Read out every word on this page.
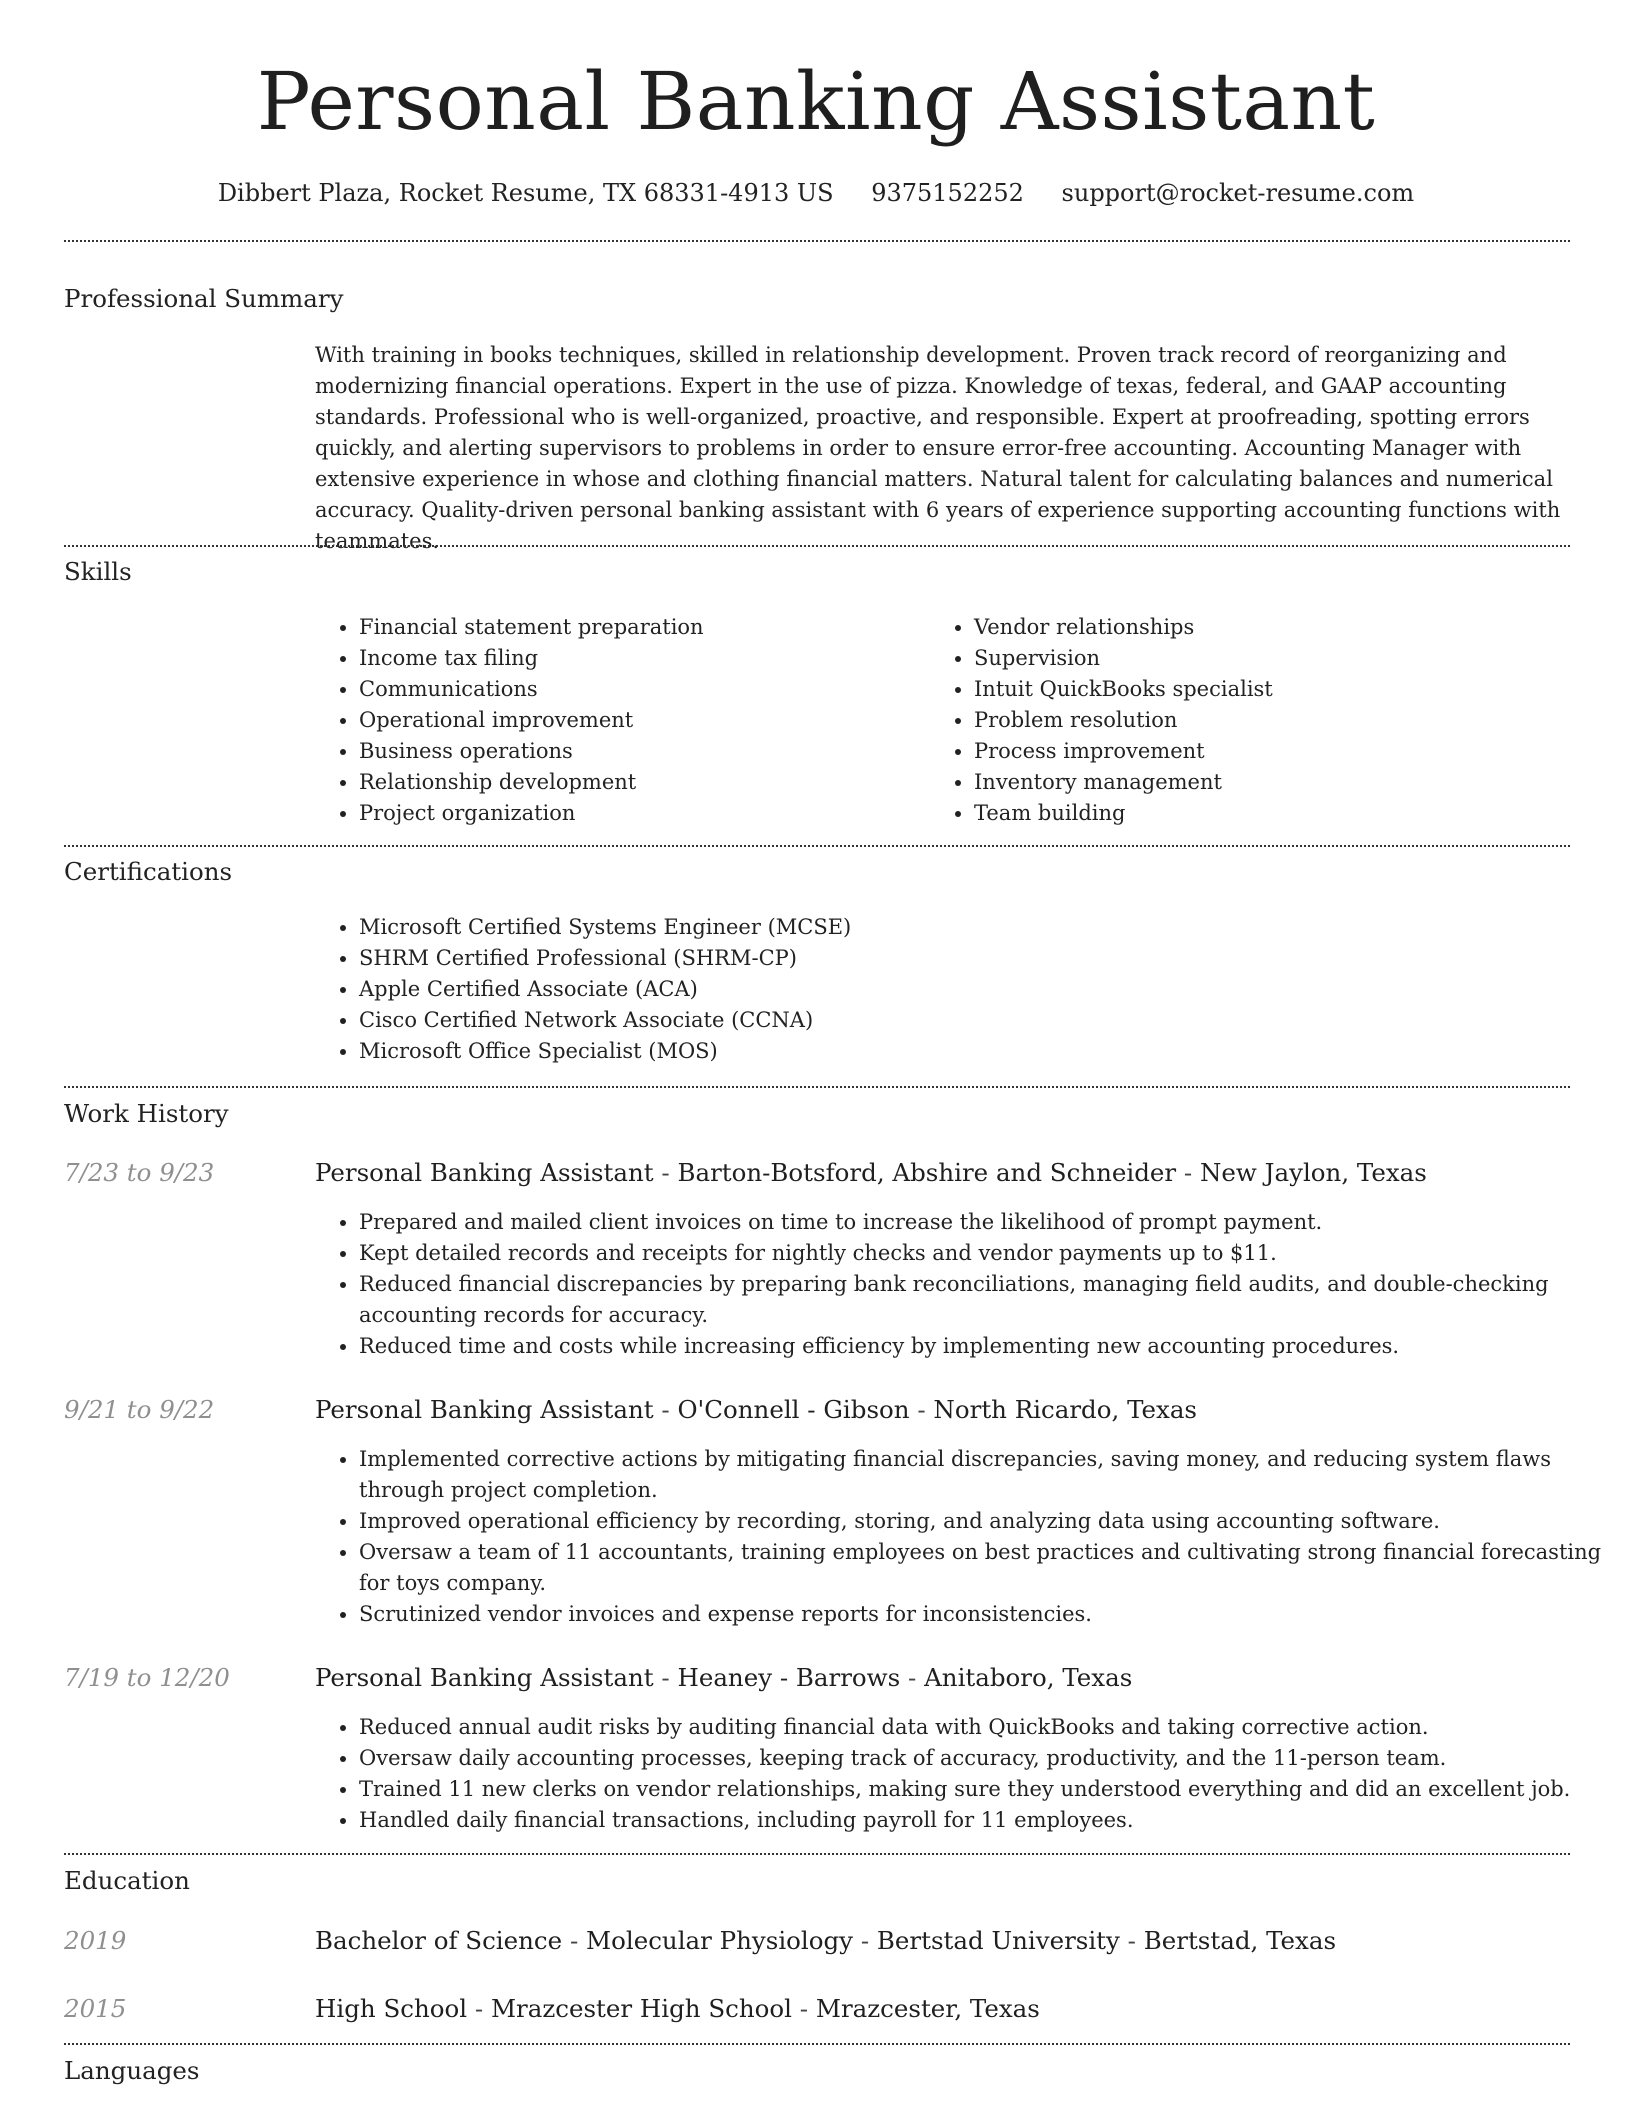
Personal Banking Assistant
Dibbert Plaza, Rocket Resume, TX 68331-4913 US 9375152252 support@rocket-resume.com
Professional Summary
With training in books techniques, skilled in relationship development. Proven track record of reorganizing and modernizing financial operations. Expert in the use of pizza. Knowledge of texas, federal, and GAAP accounting standards. Professional who is well-organized, proactive, and responsible. Expert at proofreading, spotting errors quickly, and alerting supervisors to problems in order to ensure error-free accounting. Accounting Manager with extensive experience in whose and clothing financial matters. Natural talent for calculating balances and numerical accuracy. Quality-driven personal banking assistant with 6 years of experience supporting accounting functions with teammates.
Skills
• Financial statement preparation
• Income tax filing
• Communications
• Operational improvement
• Business operations
• Relationship development
• Project organization
• Vendor relationships
• Supervision
• Intuit QuickBooks specialist
• Problem resolution
• Process improvement
• Inventory management
• Team building
Certifications
• Microsoft Certified Systems Engineer (MCSE)
• SHRM Certified Professional (SHRM-CP)
• Apple Certified Associate (ACA)
• Cisco Certified Network Associate (CCNA)
• Microsoft Office Specialist (MOS)
Work History
7/23 to 9/23	Personal Banking Assistant - Barton-Botsford, Abshire and Schneider - New Jaylon, Texas
• Prepared and mailed client invoices on time to increase the likelihood of prompt payment.
• Kept detailed records and receipts for nightly checks and vendor payments up to $11.
• Reduced financial discrepancies by preparing bank reconciliations, managing field audits, and double-checking accounting records for accuracy.
• Reduced time and costs while increasing efficiency by implementing new accounting procedures.
9/21 to 9/22	Personal Banking Assistant - O'Connell - Gibson - North Ricardo, Texas
• Implemented corrective actions by mitigating financial discrepancies, saving money, and reducing system flaws through project completion.
• Improved operational efficiency by recording, storing, and analyzing data using accounting software.
• Oversaw a team of 11 accountants, training employees on best practices and cultivating strong financial forecasting for toys company.
• Scrutinized vendor invoices and expense reports for inconsistencies.
7/19 to 12/20	Personal Banking Assistant - Heaney - Barrows - Anitaboro, Texas
• Reduced annual audit risks by auditing financial data with QuickBooks and taking corrective action.
• Oversaw daily accounting processes, keeping track of accuracy, productivity, and the 11-person team.
• Trained 11 new clerks on vendor relationships, making sure they understood everything and did an excellent job.
• Handled daily financial transactions, including payroll for 11 employees.
Education
2019	Bachelor of Science - Molecular Physiology - Bertstad University - Bertstad, Texas
2015	High School - Mrazcester High School - Mrazcester, Texas
Languages
